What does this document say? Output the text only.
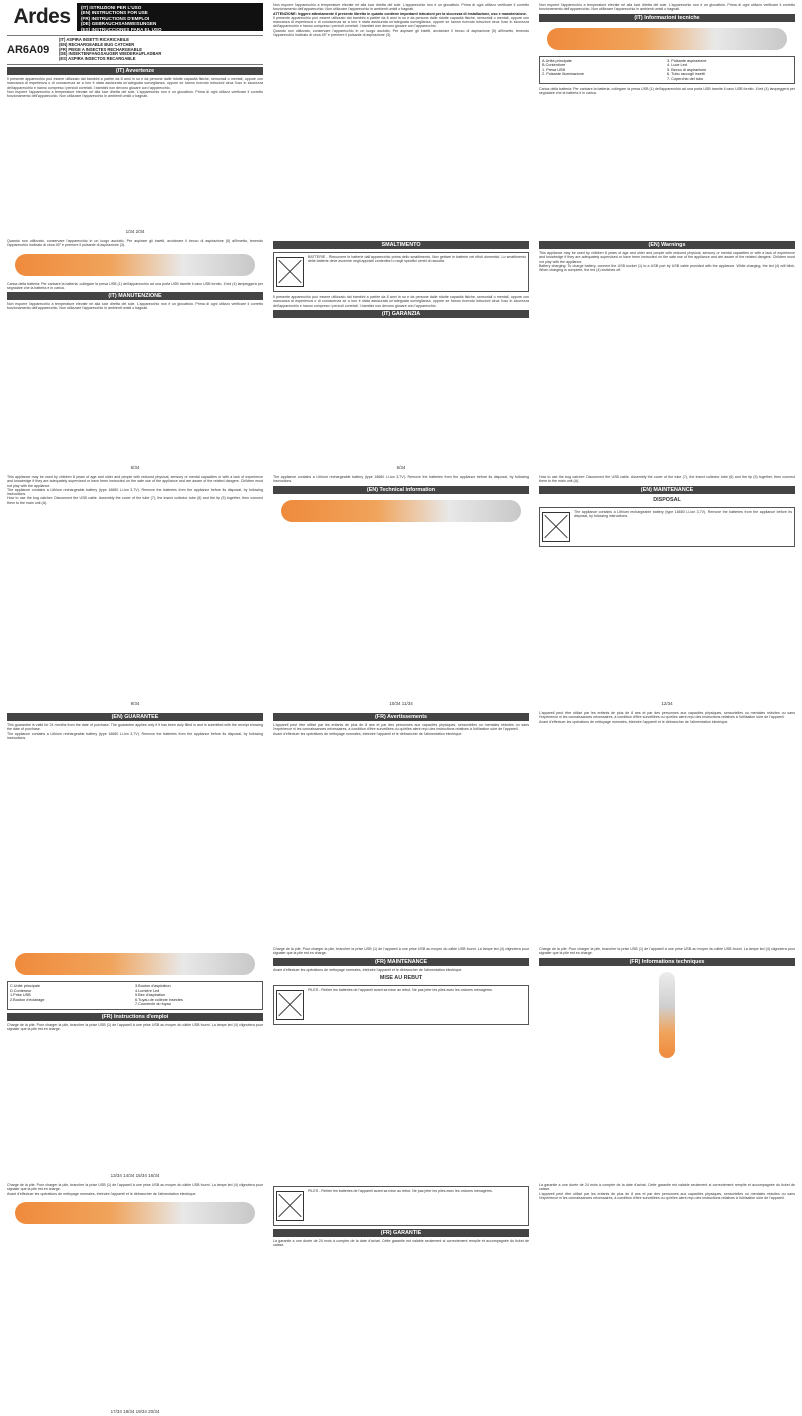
Ardes	(IT) ISTRUZIONI PER L'USO
(EN) INSTRUCTIONS FOR USE
(FR) INSTRUCTIONS D'EMPLOI
(DE) GEBRAUCHSANWEISUNGEN
(ES) INSTRUCCIONES PARA EL USO
AR6A09
(IT) ASPIRA INSETTI RICARICABILE
(EN) RECHARGEABLE BUG CATCHER
(FR) PIEGE A INSECTES RECHARGEABLE
(DE) INSEKTENFANGSAUGER WIEDERAUFLADBAR
(ES) ASPIRA INSECTOS RECARGABLE
(IT) Avvertenze
Il presente apparecchio può essere utilizzato dai bambini a partire da 8 anni in su e da persone dalle ridotte capacità fisiche, sensoriali o mentali, oppure con mancanza di esperienza o di conoscenza se a loro è stata assicurata un'adeguata sorveglianza, oppure se hanno ricevuto istruzioni circa l'uso in sicurezza dell'apparecchio e hanno compreso i pericoli correlati. I bambini non devono giocare con l'apparecchio.
Non esporre l'apparecchio a temperature elevate né alla luce diretta del sole. L'apparecchio non è un giocattolo. Prima di ogni utilizzo verificare il corretto funzionamento dell'apparecchio. Non utilizzare l'apparecchio in ambienti umidi o bagnati.
1/34 2/34
Quando non utilizzato, conservare l'apparecchio in un luogo asciutto. Per aspirare gli insetti, avvicinare il becco di aspirazione (5) all'insetto, tenendo l'apparecchio inclinato di circa 45° e premere il pulsante di aspirazione (3).
Carica della batteria: Per caricare la batteria, collegare la presa USB (1) dell'apparecchio ad una porta USB tramite il cavo USB fornito. Il led (4) lampeggerà per segnalare che la batteria è in carica.
(IT) MANUTENZIONE
Non esporre l'apparecchio a temperature elevate né alla luce diretta del sole. L'apparecchio non è un giocattolo. Prima di ogni utilizzo verificare il corretto funzionamento dell'apparecchio. Non utilizzare l'apparecchio in ambienti umidi o bagnati.
5/34
This appliance may be used by children 8 years of age and older and people with reduced physical, sensory or mental capacities or with a lack of experience and knowledge if they are adequately supervised or have been instructed on the safe use of the appliance and are aware of the related dangers. Children must not play with the appliance.
The appliance contains a Lithium rechargeable battery (type 18650 Li-ion 3,7V). Remove the batteries from the appliance before its disposal, by following instructions.
How to use the bug catcher: Disconnect the USB cable. Assembly the cover of the tube (7), the insect collector tube (6) and the tip (5) together, then connect them to the main unit (A).
9/34
(EN) GUARANTEE
This guarantee is valid for 24 months from the date of purchase. The guarantee applies only if it has been duly filled in and is submitted with the receipt showing the date of purchase.
The appliance contains a Lithium rechargeable battery (type 18650 Li-ion 3,7V). Remove the batteries from the appliance before its disposal, by following instructions.
C.Unité principale	3.Bouton d'aspiration
D.Conteneur	4.Lumière Led
1.Prise USB	5.Bec d'aspiration
2.Bouton d'éclairage	6.Tuyau de collecte insectes
7.Couvercle du tuyau
(FR) Instructions d'emploi
Charge de la pile: Pour charger la pile, brancher la prise USB (1) de l'appareil à une prise USB au moyen du câble USB fourni. La lampe led (4) clignotera pour signaler que la pile est en charge.
13/34 14/34 15/34 16/34
Charge de la pile: Pour charger la pile, brancher la prise USB (1) de l'appareil à une prise USB au moyen du câble USB fourni. La lampe led (4) clignotera pour signaler que la pile est en charge.
Avant d'effectuer les opérations de nettoyage normales, éteindre l'appareil et le débrancher de l'alimentation électrique.
17/34 18/34 19/34 20/34
Non esporre l'apparecchio a temperature elevate né alla luce diretta del sole. L'apparecchio non è un giocattolo. Prima di ogni utilizzo verificare il corretto funzionamento dell'apparecchio. Non utilizzare l'apparecchio in ambienti umidi o bagnati.
ATTENZIONE: leggere attentamente il presente libretto in quanto contiene importanti istruzioni per la sicurezza di installazione, uso e manutenzione.
Il presente apparecchio può essere utilizzato dai bambini a partire da 8 anni in su e da persone dalle ridotte capacità fisiche, sensoriali o mentali, oppure con mancanza di esperienza o di conoscenza se a loro è stata assicurata un'adeguata sorveglianza, oppure se hanno ricevuto istruzioni circa l'uso in sicurezza dell'apparecchio e hanno compreso i pericoli correlati. I bambini non devono giocare con l'apparecchio.
Quando non utilizzato, conservare l'apparecchio in un luogo asciutto. Per aspirare gli insetti, avvicinare il becco di aspirazione (5) all'insetto, tenendo l'apparecchio inclinato di circa 45° e premere il pulsante di aspirazione (3).
SMALTIMENTO
BATTERIE - Rimuovere le batterie dall'apparecchio prima dello smaltimento. Non gettare le batterie nei rifiuti domestici. Lo smaltimento delle batterie deve avvenire negli appositi contenitori o negli specifici centri di raccolta.
Il presente apparecchio può essere utilizzato dai bambini a partire da 8 anni in su e da persone dalle ridotte capacità fisiche, sensoriali o mentali, oppure con mancanza di esperienza o di conoscenza se a loro è stata assicurata un'adeguata sorveglianza, oppure se hanno ricevuto istruzioni circa l'uso in sicurezza dell'apparecchio e hanno compreso i pericoli correlati. I bambini non devono giocare con l'apparecchio.
(IT) GARANZIA
6/34
The appliance contains a Lithium rechargeable battery (type 18650 Li-ion 3,7V). Remove the batteries from the appliance before its disposal, by following instructions.
(EN) Technical information
10/34 11/34
(FR) Avertissements
L'appareil peut être utilisé par les enfants de plus de 8 ans et par des personnes aux capacités physiques, sensorielles ou mentales réduites ou sans l'expérience ni les connaissances nécessaires, à condition d'être surveillées ou qu'elles aient reçu des instructions relatives à l'utilisation sûre de l'appareil.
Avant d'effectuer les opérations de nettoyage normales, éteindre l'appareil et le débrancher de l'alimentation électrique.
Charge de la pile: Pour charger la pile, brancher la prise USB (1) de l'appareil à une prise USB au moyen du câble USB fourni. La lampe led (4) clignotera pour signaler que la pile est en charge.
(FR) MAINTENANCE
Avant d'effectuer les opérations de nettoyage normales, éteindre l'appareil et le débrancher de l'alimentation électrique.
MISE AU REBUT
PILES - Retirer les batteries de l'appareil avant sa mise au rebut. Ne pas jeter les piles avec les ordures ménagères.
PILES - Retirer les batteries de l'appareil avant sa mise au rebut. Ne pas jeter les piles avec les ordures ménagères.
(FR) GARANTIE
La garantie a une durée de 24 mois à compter de la date d'achat. Cette garantie est valable seulement si correctement remplie et accompagnée du ticket de caisse.
Non esporre l'apparecchio a temperature elevate né alla luce diretta del sole. L'apparecchio non è un giocattolo. Prima di ogni utilizzo verificare il corretto funzionamento dell'apparecchio. Non utilizzare l'apparecchio in ambienti umidi o bagnati.
(IT) Informazioni tecniche
A.Unità principale	3. Pulsante aspirazione
B.Contenitore	4. Luce Led
1. Presa USB	5. Becco di aspirazione
2. Pulsante illuminazione	6. Tubo raccogli insetti
7. Coperchio del tubo
Carica della batteria: Per caricare la batteria, collegare la presa USB (1) dell'apparecchio ad una porta USB tramite il cavo USB fornito. Il led (4) lampeggerà per segnalare che la batteria è in carica.
(EN) Warnings
This appliance may be used by children 8 years of age and older and people with reduced physical, sensory or mental capacities or with a lack of experience and knowledge if they are adequately supervised or have been instructed on the safe use of the appliance and are aware of the related dangers. Children must not play with the appliance.
Battery charging: To charge battery, connect the USB socket (1) to a USB port by USB cable provided with the appliance. While charging, the led (4) will blink. When charging is complete, the led (4) switches off.
How to use the bug catcher: Disconnect the USB cable. Assembly the cover of the tube (7), the insect collector tube (6) and the tip (5) together, then connect them to the main unit (A).
(EN) MAINTENANCE
DISPOSAL
The appliance contains a Lithium rechargeable battery (type 18650 Li-ion 3,7V). Remove the batteries from the appliance before its disposal, by following instructions.
12/34
L'appareil peut être utilisé par les enfants de plus de 8 ans et par des personnes aux capacités physiques, sensorielles ou mentales réduites ou sans l'expérience ni les connaissances nécessaires, à condition d'être surveillées ou qu'elles aient reçu des instructions relatives à l'utilisation sûre de l'appareil.
Avant d'effectuer les opérations de nettoyage normales, éteindre l'appareil et le débrancher de l'alimentation électrique.
Charge de la pile: Pour charger la pile, brancher la prise USB (1) de l'appareil à une prise USB au moyen du câble USB fourni. La lampe led (4) clignotera pour signaler que la pile est en charge.
(FR) Informations techniques
La garantie a une durée de 24 mois à compter de la date d'achat. Cette garantie est valable seulement si correctement remplie et accompagnée du ticket de caisse.
L'appareil peut être utilisé par les enfants de plus de 8 ans et par des personnes aux capacités physiques, sensorielles ou mentales réduites ou sans l'expérience ni les connaissances nécessaires, à condition d'être surveillées ou qu'elles aient reçu des instructions relatives à l'utilisation sûre de l'appareil.
